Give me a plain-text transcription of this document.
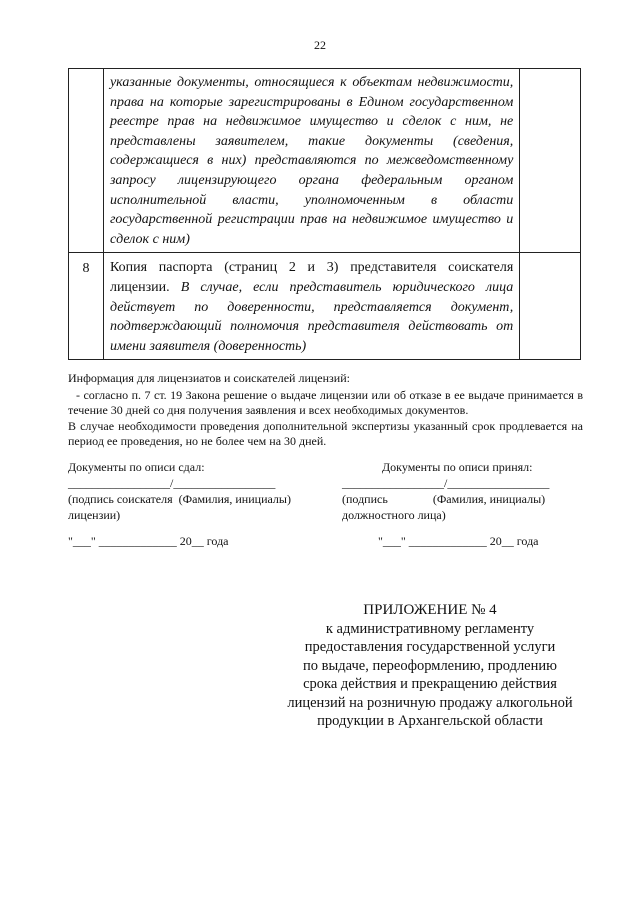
22
	указанные документы, относящиеся к объектам недвижимости, права на которые зарегистрированы в Едином государственном реестре прав на недвижимое имущество и сделок с ним, не представлены заявителем, такие документы (сведения, содержащиеся в них) представляются по межведомственному запросу лицензирующего органа федеральным органом исполнительной власти, уполномоченным в области государственной регистрации прав на недвижимое имущество и сделок с ним)	

8	Копия паспорта (страниц 2 и 3) представителя соискателя лицензии. В случае, если представитель юридического лица действует по доверенности, представляется документ, подтверждающий полномочия представителя действовать от имени заявителя (доверенность)	

Информация для лицензиатов и соискателей лицензий:

- согласно п. 7 ст. 19 Закона решение о выдаче лицензии или об отказе в ее выдаче принимается в течение 30 дней со дня получения заявления и всех необходимых документов.

В случае необходимости проведения дополнительной экспертизы указанный срок продлевается на период ее проведения, но не более чем на 30 дней.

Документы по описи сдал:
_________________/_________________
(подпись соискателя  (Фамилия, инициалы)
лицензии)
Документы по описи принял:
_________________/_________________
(подпись               (Фамилия, инициалы)
должностного лица)
"___" _____________ 20__ года	"___" _____________ 20__ года
ПРИЛОЖЕНИЕ № 4
к административному регламенту
предоставления государственной услуги
по выдаче, переоформлению, продлению
срока действия и прекращению действия
лицензий на розничную продажу алкогольной
продукции в Архангельской области
